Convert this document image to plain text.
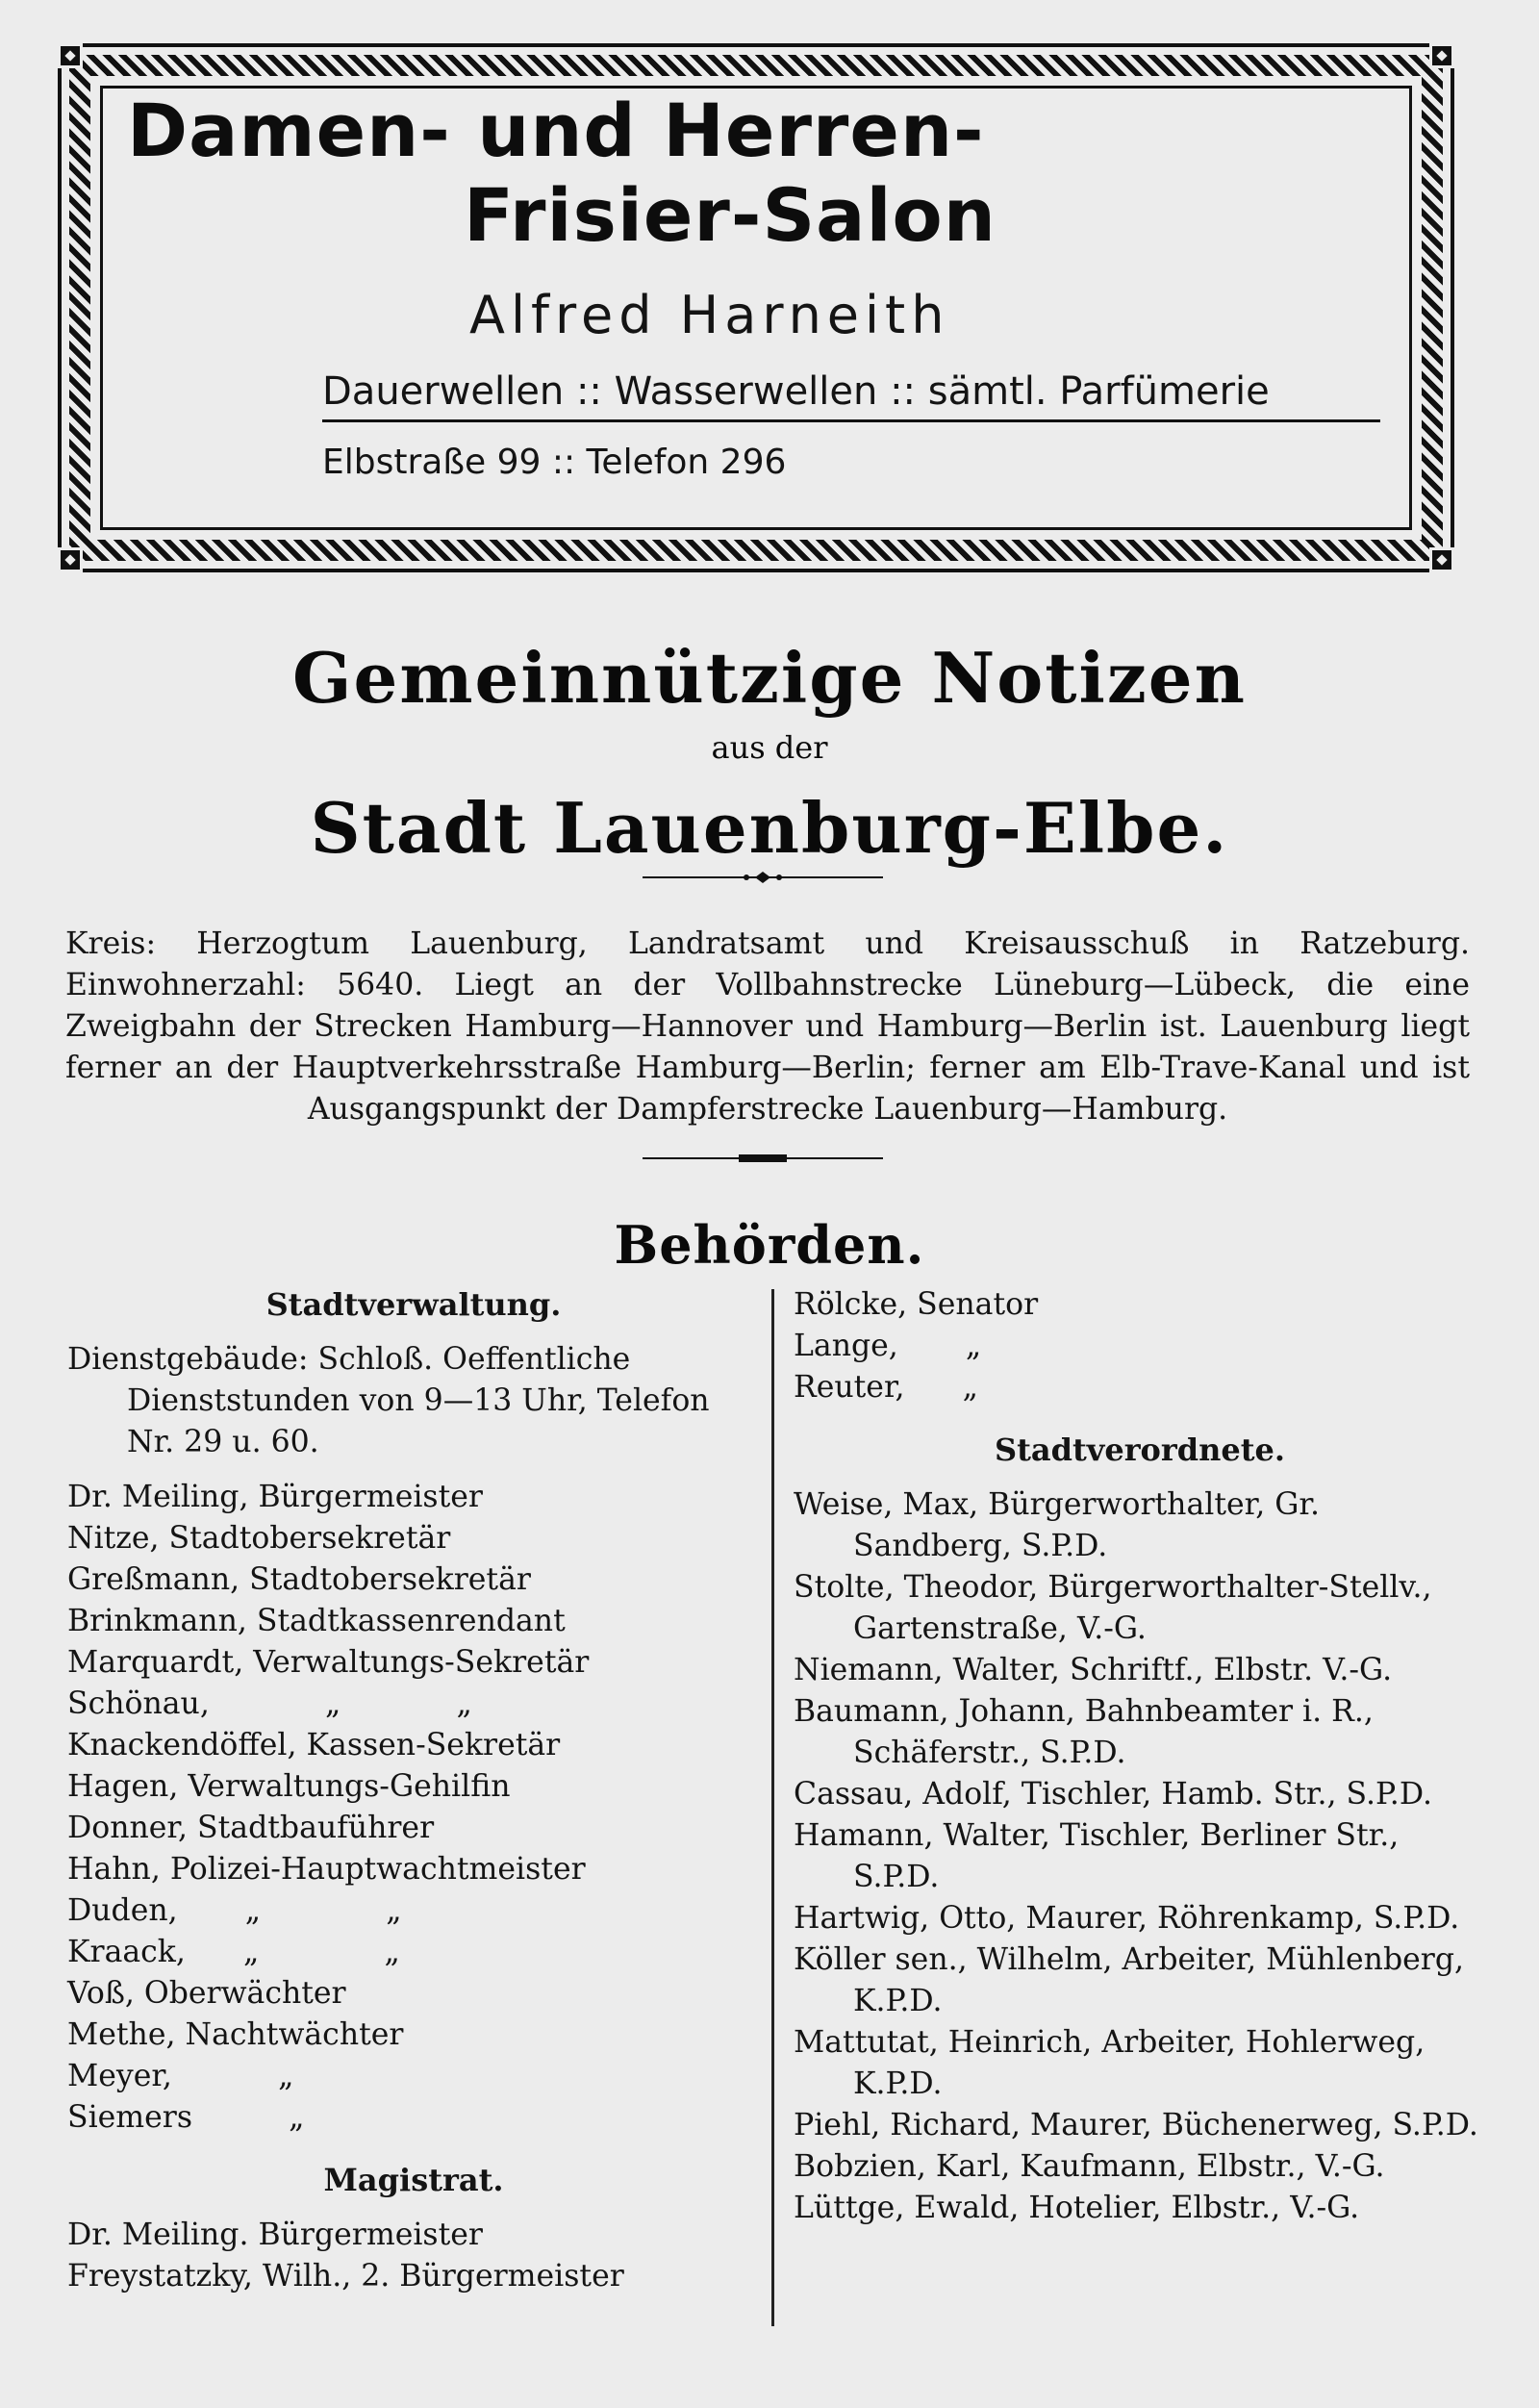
Damen- und Herren-
Frisier-Salon
Alfred Harneith
Dauerwellen :: Wasserwellen :: sämtl. Parfümerie
Elbstraße 99 :: Telefon 296
Gemeinnützige Notizen
aus der
Stadt Lauenburg-Elbe.
Kreis: Herzogtum Lauenburg, Landratsamt und Kreisausschuß in Ratzeburg. Einwohnerzahl: 5640. Liegt an der Vollbahnstrecke Lüneburg—Lübeck, die eine Zweigbahn der Strecken Hamburg—Hannover und Hamburg—Berlin ist. Lauenburg liegt ferner an der Hauptverkehrsstraße Hamburg—Berlin; ferner am Elb-Trave-Kanal und ist Ausgangspunkt der Dampferstrecke Lauenburg—Hamburg.
Behörden.

Stadtverwaltung.

Dienstgebäude: Schloß. Oeffentliche Dienststunden von 9—13 Uhr, Telefon Nr. 29 u. 60.

Dr. Meiling, Bürgermeister

Nitze, Stadtobersekretär

Greßmann, Stadtobersekretär

Brinkmann, Stadtkassenrendant

Marquardt, Verwaltungs-Sekretär

Schönau,            „            „

Knackendöffel, Kassen-Sekretär

Hagen, Verwaltungs-Gehilfin

Donner, Stadtbauführer

Hahn, Polizei-Hauptwachtmeister

Duden,       „             „

Kraack,      „             „

Voß, Oberwächter

Methe, Nachtwächter

Meyer,           „

Siemers          „

Magistrat.

Dr. Meiling. Bürgermeister

Freystatzky, Wilh., 2. Bürgermeister

Rölcke, Senator

Lange,       „

Reuter,      „

Stadtverordnete.

Weise, Max, Bürgerworthalter, Gr. Sandberg, S.P.D.

Stolte, Theodor, Bürgerworthalter-Stellv., Gartenstraße, V.-G.

Niemann, Walter, Schriftf., Elbstr. V.-G.

Baumann, Johann, Bahnbeamter i. R., Schäferstr., S.P.D.

Cassau, Adolf, Tischler, Hamb. Str., S.P.D.

Hamann, Walter, Tischler, Berliner Str., S.P.D.

Hartwig, Otto, Maurer, Röhrenkamp, S.P.D.

Köller sen., Wilhelm, Arbeiter, Mühlenberg, K.P.D.

Mattutat, Heinrich, Arbeiter, Hohlerweg, K.P.D.

Piehl, Richard, Maurer, Büchenerweg, S.P.D.

Bobzien, Karl, Kaufmann, Elbstr., V.-G.

Lüttge, Ewald, Hotelier, Elbstr., V.-G.
